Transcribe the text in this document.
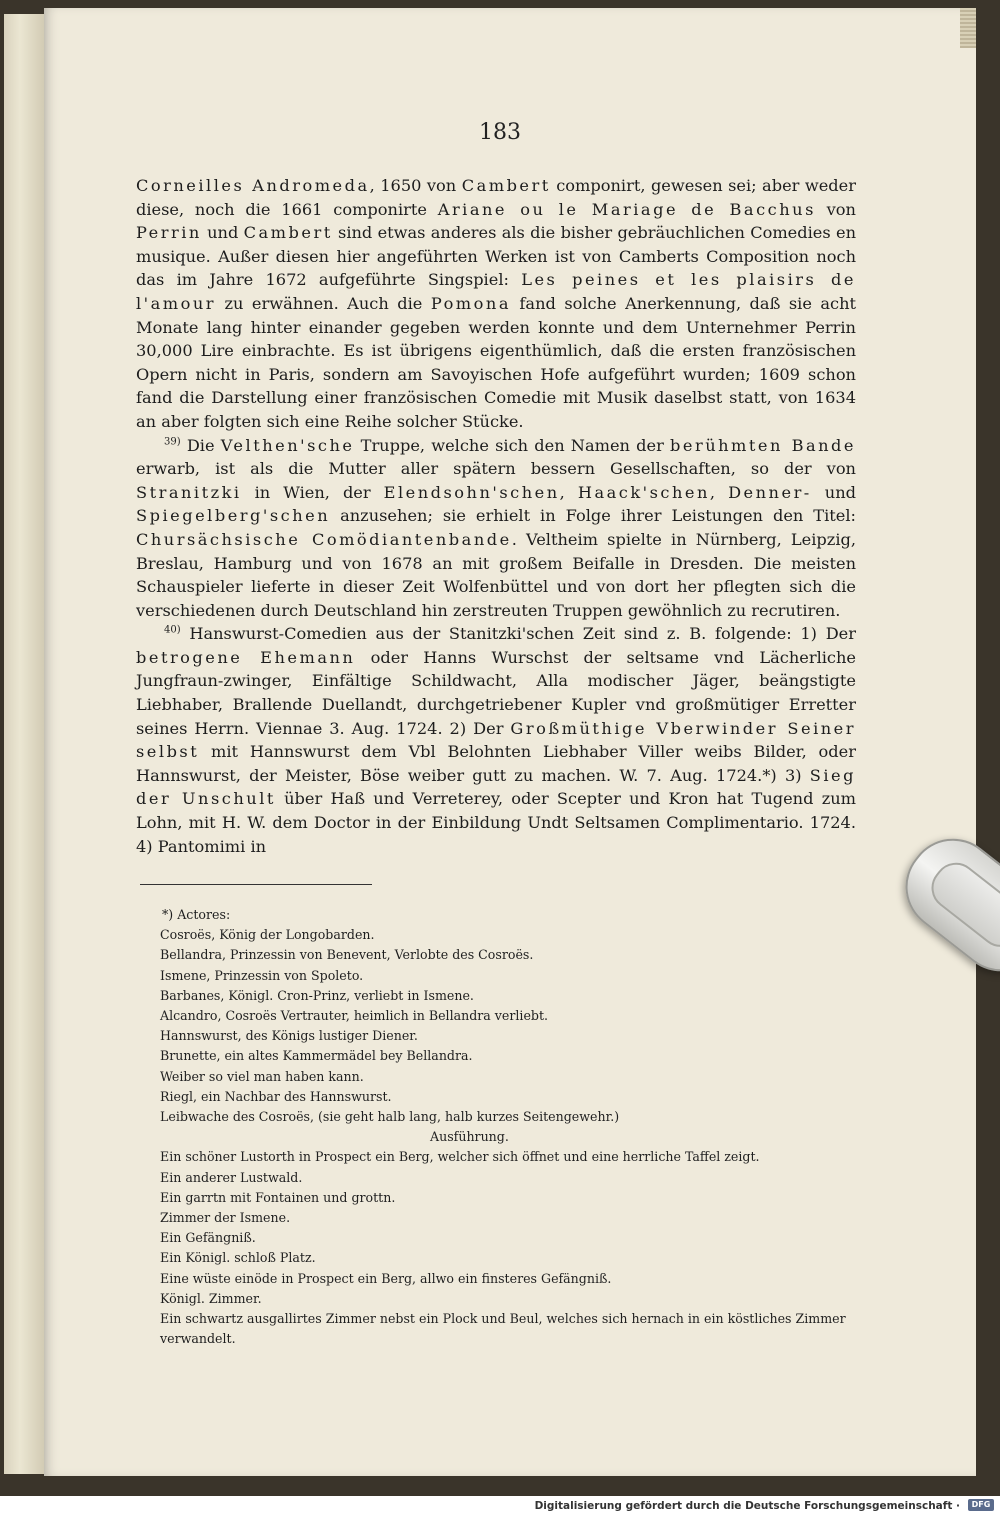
183

Corneilles Andromeda, 1650 von Cambert componirt, gewesen sei; aber weder diese, noch die 1661 componirte Ariane ou le Mariage de Bacchus von Perrin und Cambert sind etwas anderes als die bisher gebräuchlichen Comedies en musique. Außer diesen hier angeführten Werken ist von Camberts Composition noch das im Jahre 1672 aufgeführte Singspiel: Les peines et les plaisirs de l'amour zu erwähnen. Auch die Pomona fand solche Anerkennung, daß sie acht Monate lang hinter einander gegeben werden konnte und dem Unternehmer Perrin 30,000 Lire einbrachte. Es ist übrigens eigenthümlich, daß die ersten französischen Opern nicht in Paris, sondern am Savoyischen Hofe aufgeführt wurden; 1609 schon fand die Darstellung einer französischen Comedie mit Musik daselbst statt, von 1634 an aber folgten sich eine Reihe solcher Stücke.

$^{39)}$ Die Velthen'sche Truppe, welche sich den Namen der berühmten Bande erwarb, ist als die Mutter aller spätern bessern Gesellschaften, so der von Stranitzki in Wien, der Elendsohn'schen, Haack'schen, Denner- und Spiegelberg'schen anzusehen; sie erhielt in Folge ihrer Leistungen den Titel: Chursächsische Comödiantenbande. Veltheim spielte in Nürnberg, Leipzig, Breslau, Hamburg und von 1678 an mit großem Beifalle in Dresden. Die meisten Schauspieler lieferte in dieser Zeit Wolfenbüttel und von dort her pflegten sich die verschiedenen durch Deutschland hin zerstreuten Truppen gewöhnlich zu recrutiren.

$^{40)}$ Hanswurst-Comedien aus der Stanitzki'schen Zeit sind z. B. folgende: 1) Der betrogene Ehemann oder Hanns Wurschst der seltsame vnd Lächerliche Jungfraun-zwinger, Einfältige Schildwacht, Alla modischer Jäger, beängstigte Liebhaber, Brallende Duellandt, durchgetriebener Kupler vnd großmütiger Erretter seines Herrn. Viennae 3. Aug. 1724. 2) Der Großmüthige Vberwinder Seiner selbst mit Hannswurst dem Vbl Belohnten Liebhaber Viller weibs Bilder, oder Hannswurst, der Meister, Böse weiber gutt zu machen. W. 7. Aug. 1724.*) 3) Sieg der Unschult über Haß und Verreterey, oder Scepter und Kron hat Tugend zum Lohn, mit H. W. dem Doctor in der Einbildung Undt Seltsamen Complimentario. 1724. 4) Pantomimi in

*) Actores:
Cosroës, König der Longobarden.
Bellandra, Prinzessin von Benevent, Verlobte des Cosroës.
Ismene, Prinzessin von Spoleto.
Barbanes, Königl. Cron-Prinz, verliebt in Ismene.
Alcandro, Cosroës Vertrauter, heimlich in Bellandra verliebt.
Hannswurst, des Königs lustiger Diener.
Brunette, ein altes Kammermädel bey Bellandra.
Weiber so viel man haben kann.
Riegl, ein Nachbar des Hannswurst.
Leibwache des Cosroës, (sie geht halb lang, halb kurzes Seitengewehr.)
Ausführung.
Ein schöner Lustorth in Prospect ein Berg, welcher sich öffnet und eine herrliche Taffel zeigt.
Ein anderer Lustwald.
Ein garrtn mit Fontainen und grottn.
Zimmer der Ismene.
Ein Gefängniß.
Ein Königl. schloß Platz.
Eine wüste einöde in Prospect ein Berg, allwo ein finsteres Gefängniß.
Königl. Zimmer.
Ein schwartz ausgallirtes Zimmer nebst ein Plock und Beul, welches sich hernach in ein köstliches Zimmer verwandelt.
Digitalisierung gefördert durch die Deutsche Forschungsgemeinschaft ·	DFG
